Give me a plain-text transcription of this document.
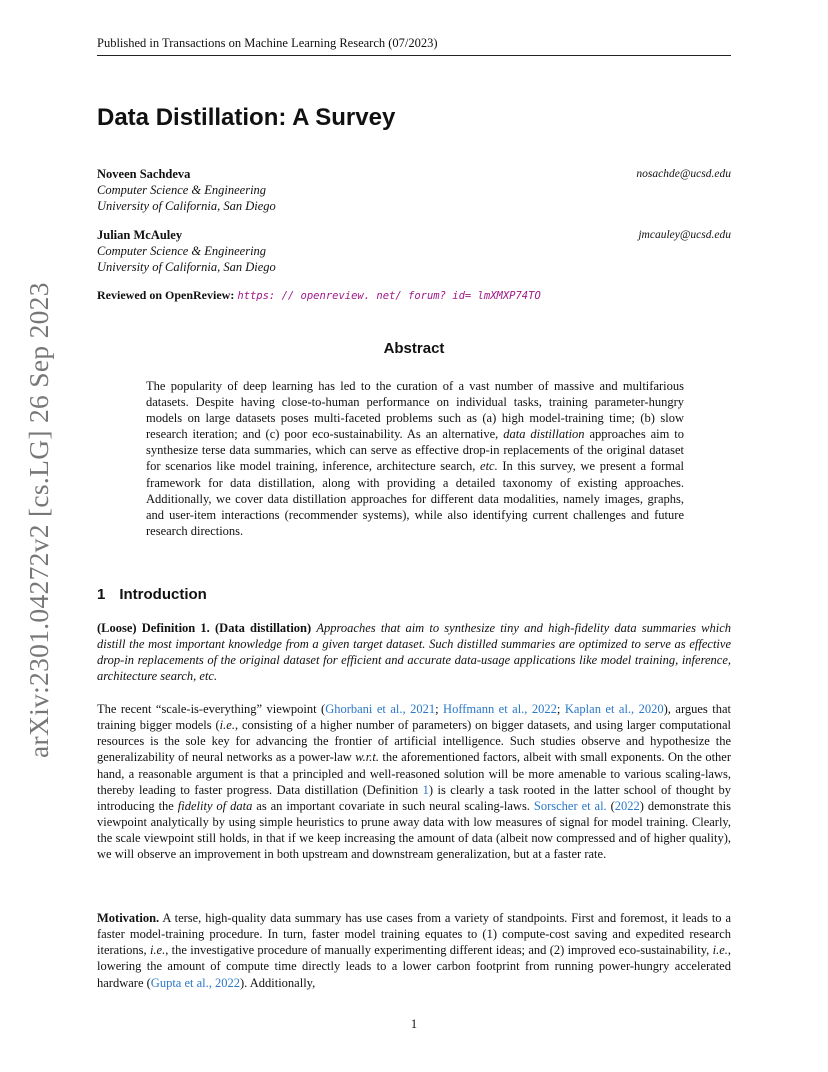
Published in Transactions on Machine Learning Research (07/2023)
arXiv:2301.04272v2 [cs.LG] 26 Sep 2023
Data Distillation: A Survey
Noveen Sachdeva
Computer Science & Engineering
University of California, San Diego
nosachde@ucsd.edu
Julian McAuley
Computer Science & Engineering
University of California, San Diego
jmcauley@ucsd.edu
Reviewed on OpenReview: https: // openreview. net/ forum? id= lmXMXP74TO
Abstract

The popularity of deep learning has led to the curation of a vast number of massive and multifarious datasets. Despite having close-to-human performance on individual tasks, training parameter-hungry models on large datasets poses multi-faceted problems such as (a) high model-training time; (b) slow research iteration; and (c) poor eco-sustainability. As an alternative, data distillation approaches aim to synthesize terse data summaries, which can serve as effective drop-in replacements of the original dataset for scenarios like model training, inference, architecture search, etc. In this survey, we present a formal framework for data distillation, along with providing a detailed taxonomy of existing approaches. Additionally, we cover data distillation approaches for different data modalities, namely images, graphs, and user-item interactions (recommender systems), while also identifying current challenges and future research directions.

1 Introduction

(Loose) Definition 1. (Data distillation) Approaches that aim to synthesize tiny and high-fidelity data summaries which distill the most important knowledge from a given target dataset. Such distilled summaries are optimized to serve as effective drop-in replacements of the original dataset for efficient and accurate data-usage applications like model training, inference, architecture search, etc.

The recent “scale-is-everything” viewpoint (Ghorbani et al., 2021; Hoffmann et al., 2022; Kaplan et al., 2020), argues that training bigger models (i.e., consisting of a higher number of parameters) on bigger datasets, and using larger computational resources is the sole key for advancing the frontier of artificial intelligence. Such studies observe and hypothesize the generalizability of neural networks as a power-law w.r.t. the aforementioned factors, albeit with small exponents. On the other hand, a reasonable argument is that a principled and well-reasoned solution will be more amenable to various scaling-laws, thereby leading to faster progress. Data distillation (Definition 1) is clearly a task rooted in the latter school of thought by introducing the fidelity of data as an important covariate in such neural scaling-laws. Sorscher et al. (2022) demonstrate this viewpoint analytically by using simple heuristics to prune away data with low measures of signal for model training. Clearly, the scale viewpoint still holds, in that if we keep increasing the amount of data (albeit now compressed and of higher quality), we will observe an improvement in both upstream and downstream generalization, but at a faster rate.

Motivation. A terse, high-quality data summary has use cases from a variety of standpoints. First and foremost, it leads to a faster model-training procedure. In turn, faster model training equates to (1) compute-cost saving and expedited research iterations, i.e., the investigative procedure of manually experimenting different ideas; and (2) improved eco-sustainability, i.e., lowering the amount of compute time directly leads to a lower carbon footprint from running power-hungry accelerated hardware (Gupta et al., 2022). Additionally,

1
